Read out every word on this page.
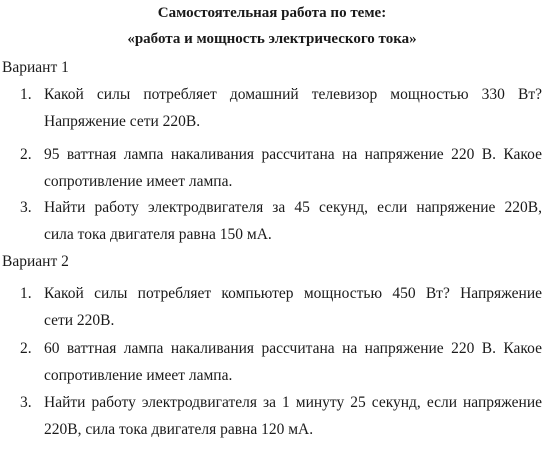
Самостоятельная работа по теме:
«работа и мощность электрического тока»
Вариант 1
1. Какой силы потребляет домашний телевизор мощностью 330 Вт?
Напряжение сети 220В.
2. 95 ваттная лампа накаливания рассчитана на напряжение 220 В. Какое
сопротивление имеет лампа.
3. Найти работу электродвигателя за 45 секунд, если напряжение 220В,
сила тока двигателя равна 150 мА.
Вариант 2
1. Какой силы потребляет компьютер мощностью 450 Вт? Напряжение
сети 220В.
2. 60 ваттная лампа накаливания рассчитана на напряжение 220 В. Какое
сопротивление имеет лампа.
3. Найти работу электродвигателя за 1 минуту 25 секунд, если напряжение
220В, сила тока двигателя равна 120 мА.
